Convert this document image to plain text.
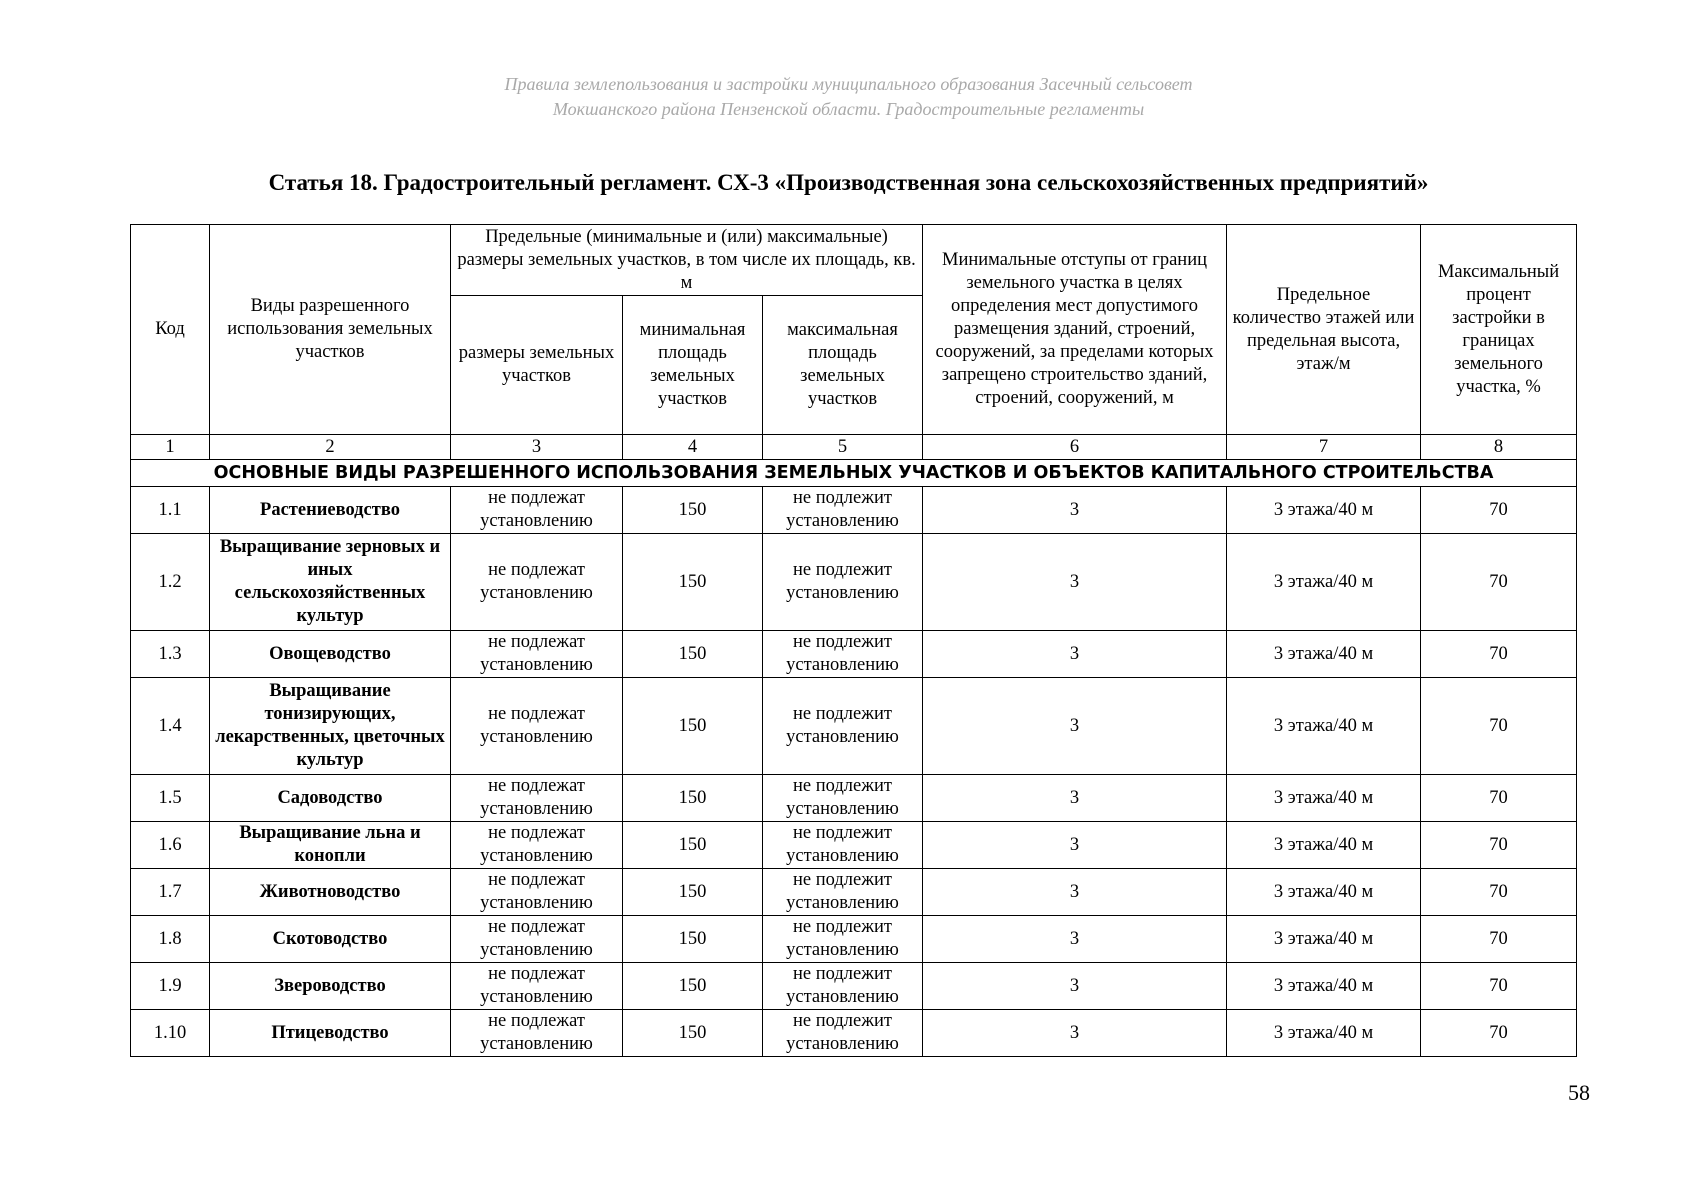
Правила землепользования и застройки муниципального образования Засечный сельсовет
Мокшанского района Пензенской области. Градостроительные регламенты
Статья 18. Градостроительный регламент. СХ-3 «Производственная зона сельскохозяйственных предприятий»
Код	Виды разрешенного использования земельных участков	Предельные (минимальные и (или) максимальные) размеры земельных участков, в том числе их площадь, кв. м			Минимальные отступы от границ земельного участка в целях определения мест допустимого размещения зданий, строений, сооружений, за пределами которых запрещено строительство зданий, строений, сооружений, м	Предельное количество этажей или предельная высота, этаж/м	Максимальный процент застройки в границах земельного участка, %
		размеры земельных участков	минимальная площадь земельных участков	максимальная площадь земельных участков			
1	2	3	4	5	6	7	8
ОСНОВНЫЕ ВИДЫ РАЗРЕШЕННОГО ИСПОЛЬЗОВАНИЯ ЗЕМЕЛЬНЫХ УЧАСТКОВ И ОБЪЕКТОВ КАПИТАЛЬНОГО СТРОИТЕЛЬСТВА							
1.1	Растениеводство	не подлежат установлению	150	не подлежит установлению	3	3 этажа/40 м	70
1.2	Выращивание зерновых и иных сельскохозяйственных культур	не подлежат установлению	150	не подлежит установлению	3	3 этажа/40 м	70
1.3	Овощеводство	не подлежат установлению	150	не подлежит установлению	3	3 этажа/40 м	70
1.4	Выращивание тонизирующих, лекарственных, цветочных культур	не подлежат установлению	150	не подлежит установлению	3	3 этажа/40 м	70
1.5	Садоводство	не подлежат установлению	150	не подлежит установлению	3	3 этажа/40 м	70
1.6	Выращивание льна и конопли	не подлежат установлению	150	не подлежит установлению	3	3 этажа/40 м	70
1.7	Животноводство	не подлежат установлению	150	не подлежит установлению	3	3 этажа/40 м	70
1.8	Скотоводство	не подлежат установлению	150	не подлежит установлению	3	3 этажа/40 м	70
1.9	Звероводство	не подлежат установлению	150	не подлежит установлению	3	3 этажа/40 м	70
1.10	Птицеводство	не подлежат установлению	150	не подлежит установлению	3	3 этажа/40 м	70
58
